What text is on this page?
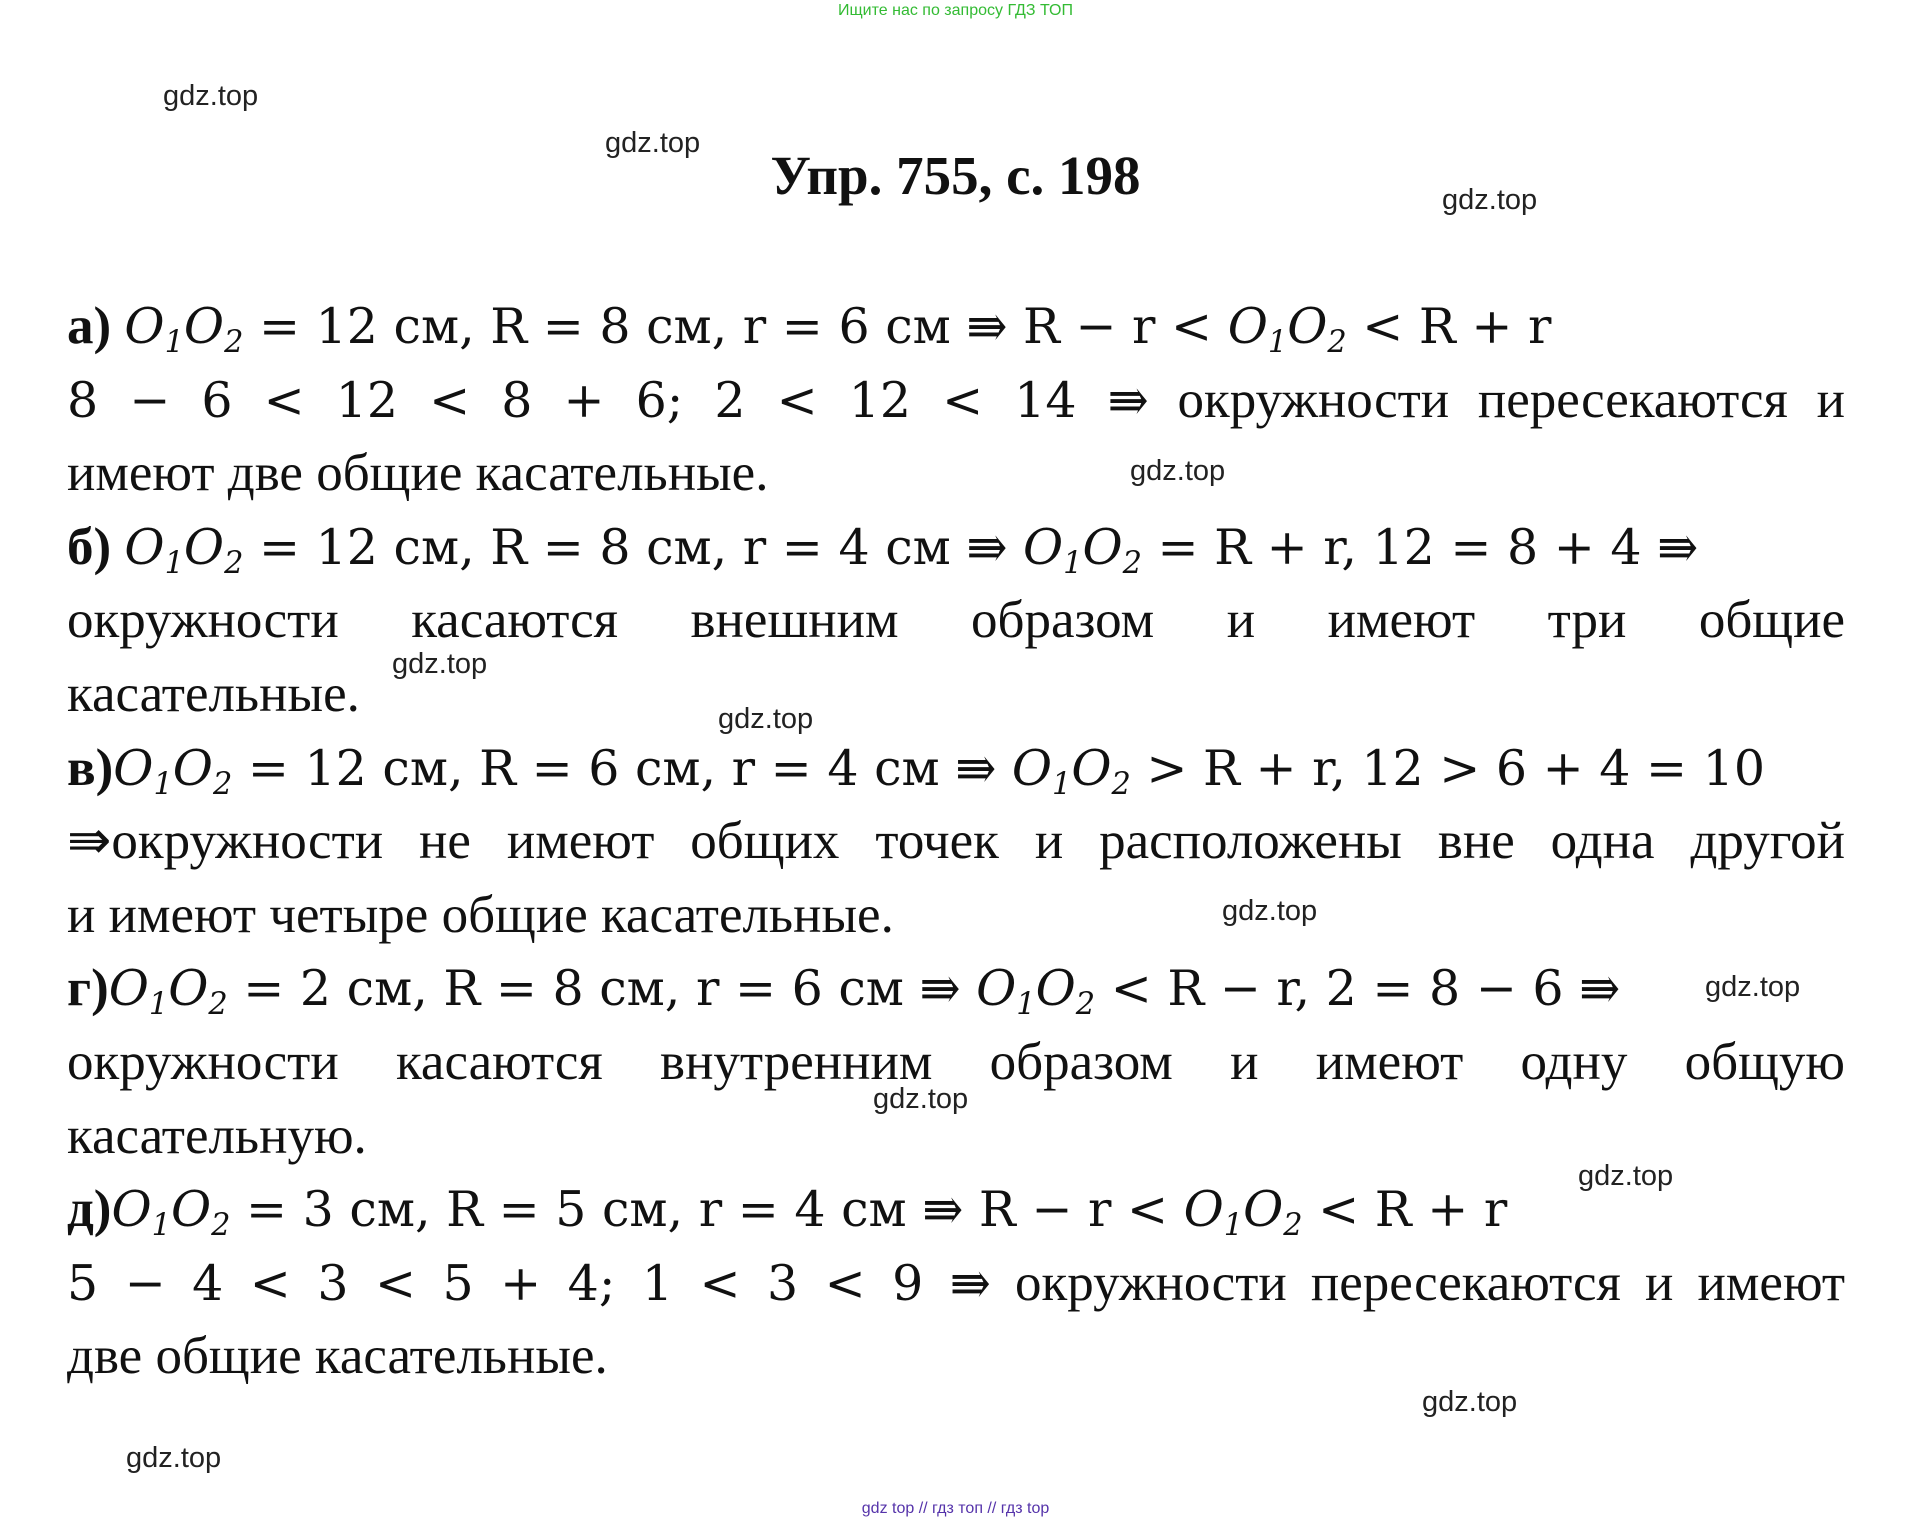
Ищите нас по запросу ГДЗ ТОП
gdz.top
gdz.top
gdz.top
gdz.top
gdz.top
gdz.top
gdz.top
gdz.top
gdz.top
gdz.top
gdz.top
gdz.top
Упр. 755, с. 198
а) $O_1O_2 = 12$ см, R = 8 см, r = 6 см ⇛ $R - r < O_1O_2 < R + r$
8 − 6 < 12 < 8 + 6; 2 < 12 < 14 ⇛ окружности пересекаются и
имеют две общие касательные.
б) $O_1O_2 = 12$ см, R = 8 см, r = 4 см ⇛ $O_1O_2 = R + r$, 12 = 8 + 4 ⇛
окружности касаются внешним образом и имеют три общие
касательные.
$в)O_1O_2 = 12$ см, R = 6 см, r = 4 см ⇛ $O_1O_2 > R + r$, 12 > 6 + 4 = 10
⇛окружности не имеют общих точек и расположены вне одна другой
и имеют четыре общие касательные.
$г)O_1O_2 = 2$ см, R = 8 см, r = 6 см ⇛ $O_1O_2 < R - r$, 2 = 8 − 6 ⇛
окружности касаются внутренним образом и имеют одну общую
касательную.
$д)O_1O_2 = 3$ см, R = 5 см, r = 4 см ⇛ $R - r < O_1O_2 < R + r$
5 − 4 < 3 < 5 + 4; 1 < 3 < 9 ⇛ окружности пересекаются и имеют
две общие касательные.
gdz top // гдз топ // гдз top
